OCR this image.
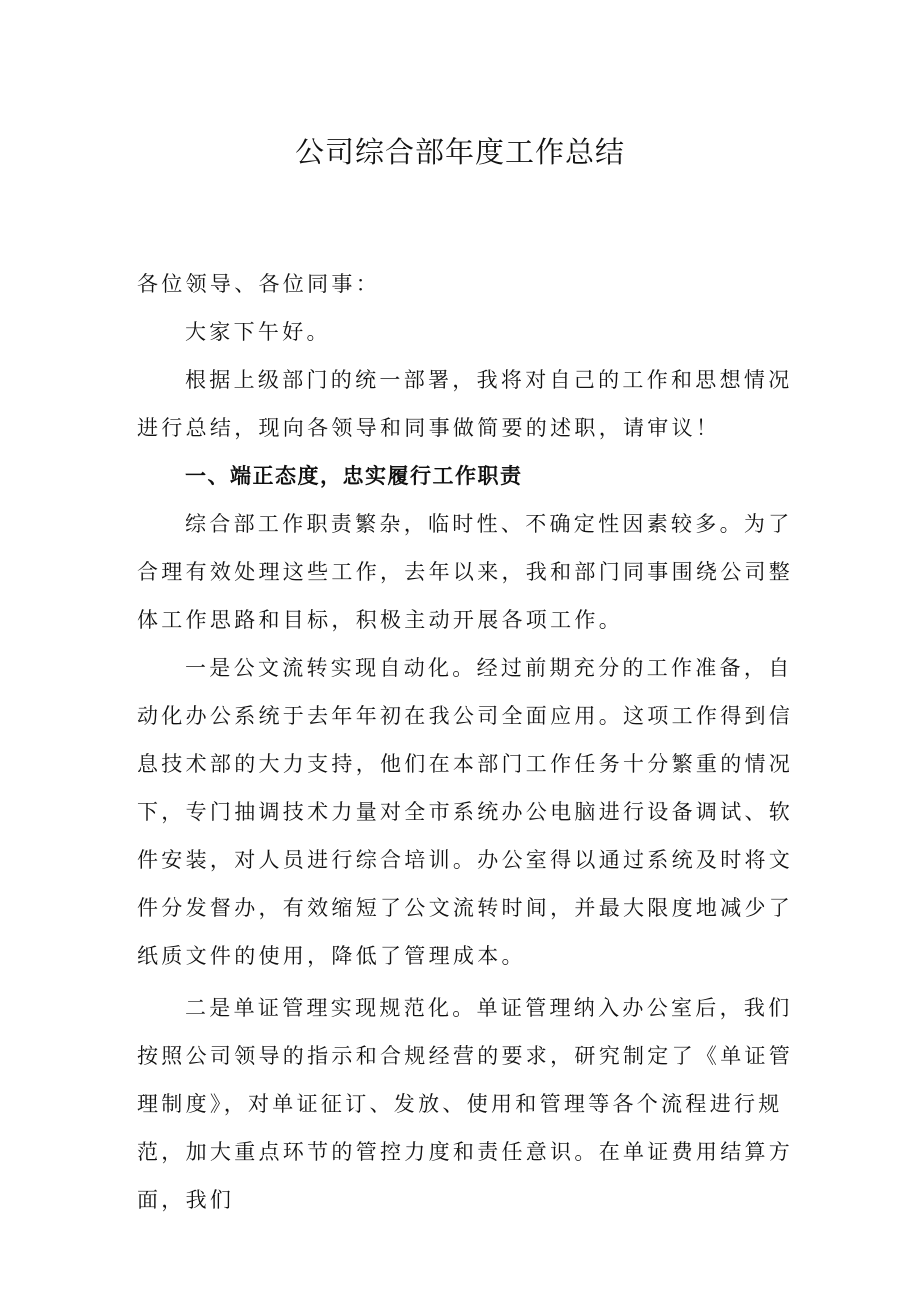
公司综合部年度工作总结

各位领导、各位同事：

大家下午好。

根据上级部门的统一部署，我将对自己的工作和思想情况进行总结，现向各领导和同事做简要的述职，请审议！

一、端正态度，忠实履行工作职责

综合部工作职责繁杂，临时性、不确定性因素较多。为了合理有效处理这些工作，去年以来，我和部门同事围绕公司整体工作思路和目标，积极主动开展各项工作。

一是公文流转实现自动化。经过前期充分的工作准备，自动化办公系统于去年年初在我公司全面应用。这项工作得到信息技术部的大力支持，他们在本部门工作任务十分繁重的情况下，专门抽调技术力量对全市系统办公电脑进行设备调试、软件安装，对人员进行综合培训。办公室得以通过系统及时将文件分发督办，有效缩短了公文流转时间，并最大限度地减少了纸质文件的使用，降低了管理成本。

二是单证管理实现规范化。单证管理纳入办公室后，我们按照公司领导的指示和合规经营的要求，研究制定了《单证管理制度》，对单证征订、发放、使用和管理等各个流程进行规范，加大重点环节的管控力度和责任意识。在单证费用结算方面，我们
